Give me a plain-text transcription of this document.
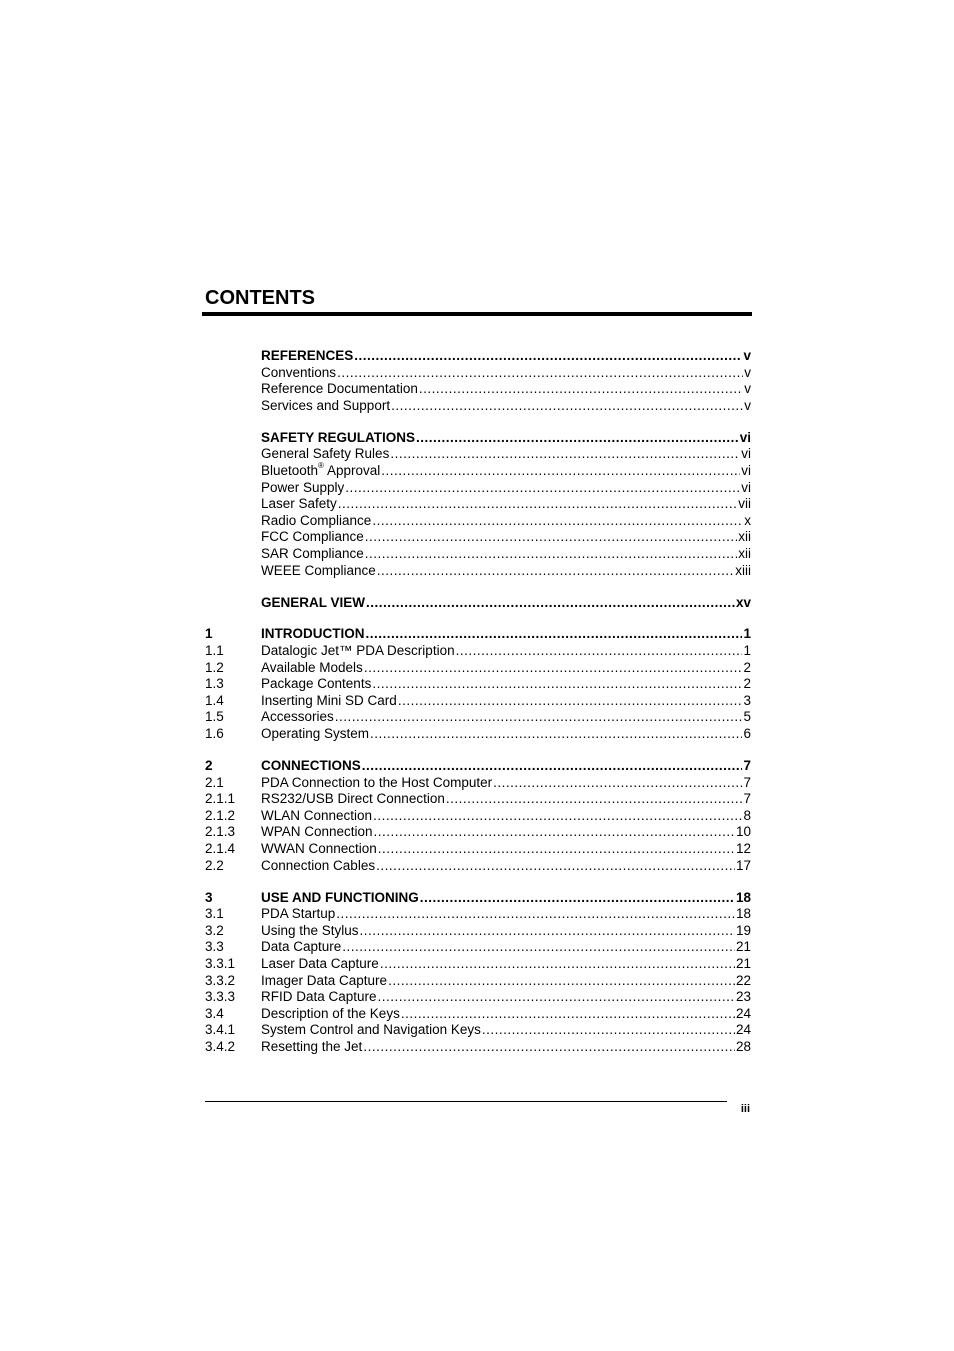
CONTENTS
REFERENCES .....	v
Conventions .....	v
Reference Documentation .....	v
Services and Support .....	v
SAFETY REGULATIONS .....	vi
General Safety Rules .....	vi
Bluetooth® Approval .....	vi
Power Supply .....	vi
Laser Safety .....	vii
Radio Compliance .....	x
FCC Compliance .....	xii
SAR Compliance .....	xii
WEEE Compliance .....	xiii
GENERAL VIEW .....	xv
1	INTRODUCTION .....	1
1.1	Datalogic Jet™ PDA Description .....	1
1.2	Available Models .....	2
1.3	Package Contents .....	2
1.4	Inserting Mini SD Card .....	3
1.5	Accessories .....	5
1.6	Operating System .....	6
2	CONNECTIONS .....	7
2.1	PDA Connection to the Host Computer .....	7
2.1.1	RS232/USB Direct Connection .....	7
2.1.2	WLAN Connection .....	8
2.1.3	WPAN Connection .....	10
2.1.4	WWAN Connection .....	12
2.2	Connection Cables .....	17
3	USE AND FUNCTIONING .....	18
3.1	PDA Startup .....	18
3.2	Using the Stylus .....	19
3.3	Data Capture .....	21
3.3.1	Laser Data Capture .....	21
3.3.2	Imager Data Capture .....	22
3.3.3	RFID Data Capture .....	23
3.4	Description of the Keys .....	24
3.4.1	System Control and Navigation Keys .....	24
3.4.2	Resetting the Jet .....	28
iii
